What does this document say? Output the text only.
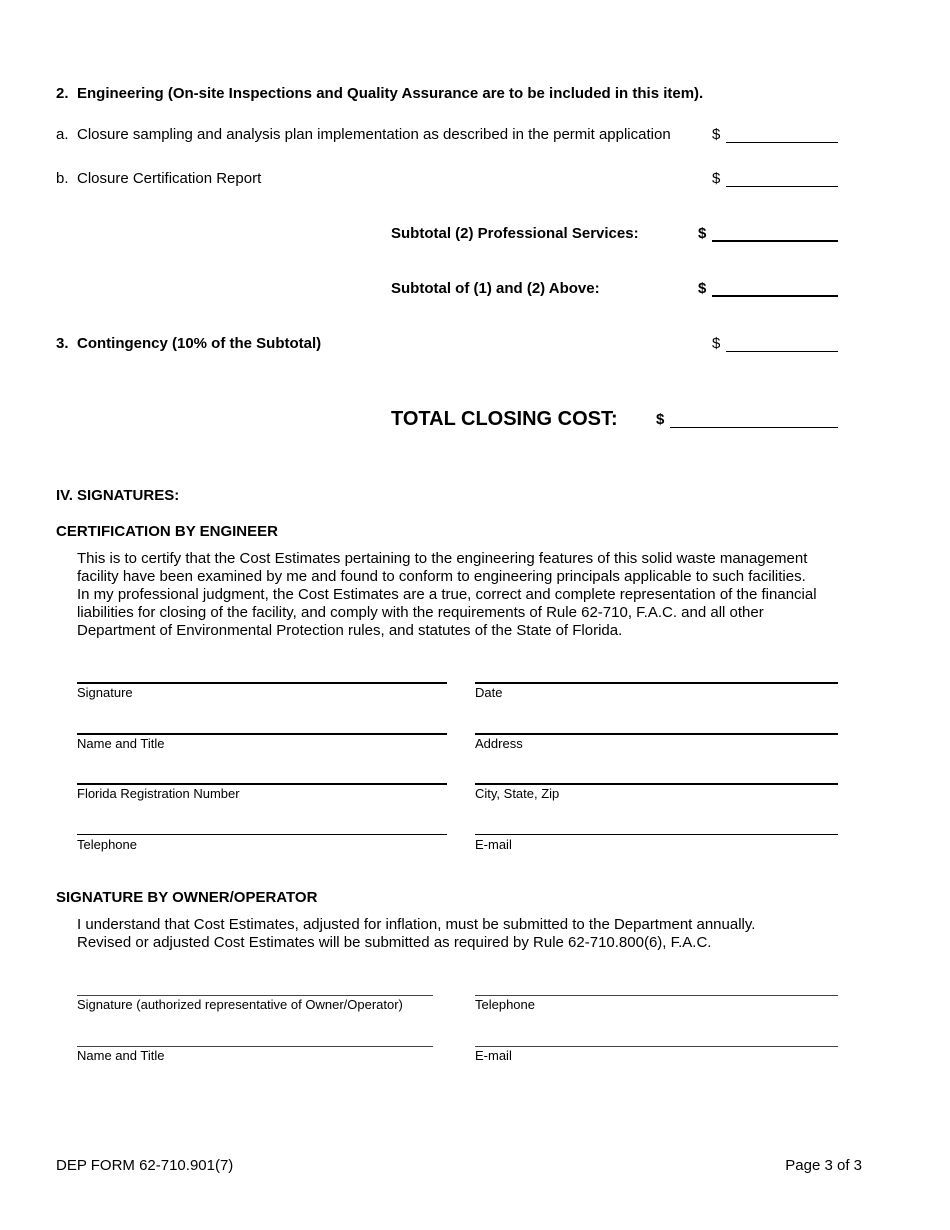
2. Engineering (On-site Inspections and Quality Assurance are to be included in this item).
a. Closure sampling and analysis plan implementation as described in the permit application	$
b. Closure Certification Report	$
Subtotal (2) Professional Services:	$
Subtotal of (1) and (2) Above:	$
3. Contingency (10% of the Subtotal)	$
TOTAL CLOSING COST:	$
IV. SIGNATURES:
CERTIFICATION BY ENGINEER
This is to certify that the Cost Estimates pertaining to the engineering features of this solid waste management
facility have been examined by me and found to conform to engineering principals applicable to such facilities.
In my professional judgment, the Cost Estimates are a true, correct and complete representation of the financial
liabilities for closing of the facility, and comply with the requirements of Rule 62-710, F.A.C. and all other
Department of Environmental Protection rules, and statutes of the State of Florida.
Signature	Date
Name and Title	Address
Florida Registration Number	City, State, Zip
Telephone	E-mail
SIGNATURE BY OWNER/OPERATOR
I understand that Cost Estimates, adjusted for inflation, must be submitted to the Department annually.
Revised or adjusted Cost Estimates will be submitted as required by Rule 62-710.800(6), F.A.C.
Signature (authorized representative of Owner/Operator)	Telephone
Name and Title	E-mail
DEP FORM 62-710.901(7)	Page 3 of 3
